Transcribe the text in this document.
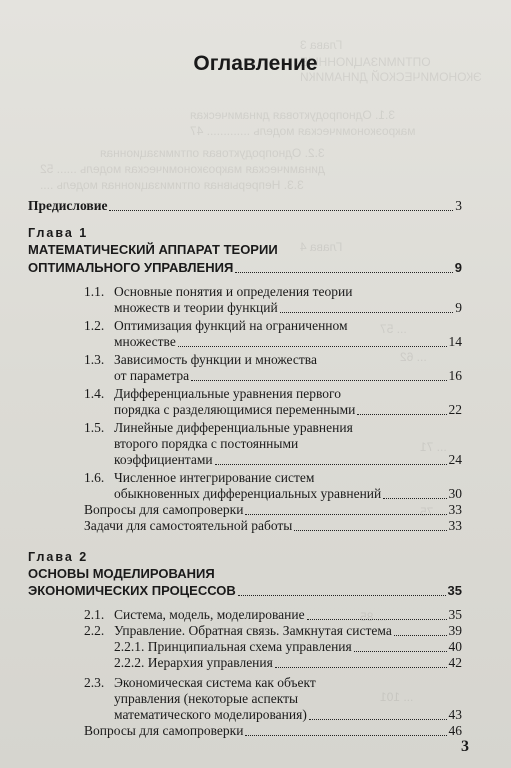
Глава 3
ОПТИМИЗАЦИОННЫЕ
ЭКОНОМИЧЕСКОЙ ДИНАМИКИ
3.1. Однопродуктовая динамическая
макроэкономическая модель ............. 47
3.2. Однопродуктовая оптимизационная
динамическая макроэкономическая модель ...... 52
3.3. Непрерывная оптимизационная модель ....
Глава 4
... 57
... 62
... 71
... 75
... 85
... 101
Оглавление
Предисловие	3
Глава 1
МАТЕМАТИЧЕСКИЙ АППАРАТ ТЕОРИИ
ОПТИМАЛЬНОГО УПРАВЛЕНИЯ	9
1.1. Основные понятия и определения теории
множеств и теории функций	9
1.2. Оптимизация функций на ограниченном
множестве	14
1.3. Зависимость функции и множества
от параметра	16
1.4. Дифференциальные уравнения первого
порядка с разделяющимися переменными	22
1.5. Линейные дифференциальные уравнения
второго порядка с постоянными
коэффициентами	24
1.6. Численное интегрирование систем
обыкновенных дифференциальных уравнений	30
Вопросы для самопроверки	33
Задачи для самостоятельной работы	33
Глава 2
ОСНОВЫ МОДЕЛИРОВАНИЯ
ЭКОНОМИЧЕСКИХ ПРОЦЕССОВ	35
2.1. Система, модель, моделирование	35
2.2. Управление. Обратная связь. Замкнутая система	39
2.2.1. Принципиальная схема управления	40
2.2.2. Иерархия управления	42
2.3. Экономическая система как объект
управления (некоторые аспекты
математического моделирования)	43
Вопросы для самопроверки	46
3
